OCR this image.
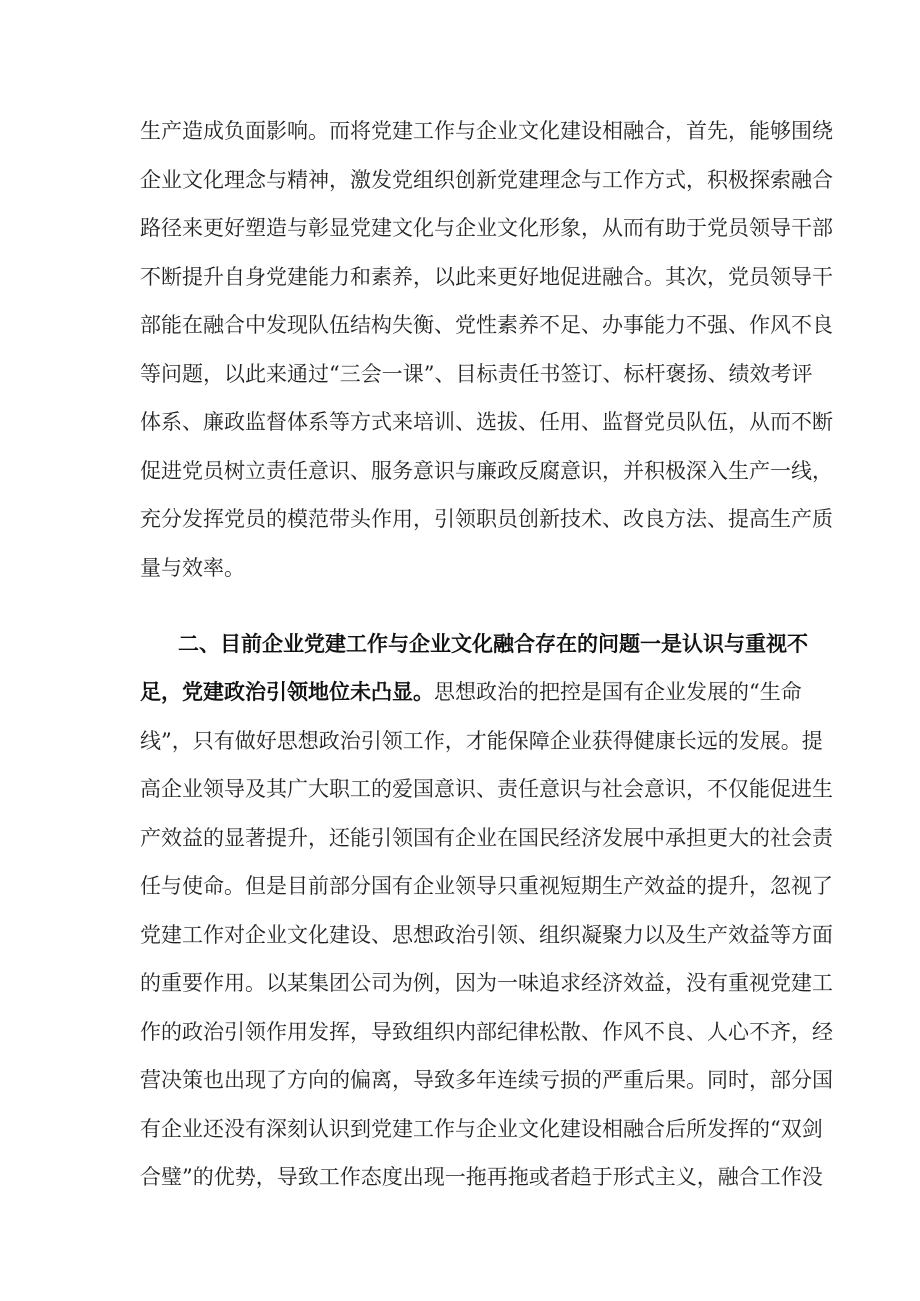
生产造成负面影响。而将党建工作与企业文化建设相融合，首先，能够围绕

企业文化理念与精神，激发党组织创新党建理念与工作方式，积极探索融合

路径来更好塑造与彰显党建文化与企业文化形象，从而有助于党员领导干部

不断提升自身党建能力和素养，以此来更好地促进融合。其次，党员领导干

部能在融合中发现队伍结构失衡、党性素养不足、办事能力不强、作风不良

等问题，以此来通过“三会一课”、目标责任书签订、标杆褒扬、绩效考评

体系、廉政监督体系等方式来培训、选拔、任用、监督党员队伍，从而不断

促进党员树立责任意识、服务意识与廉政反腐意识，并积极深入生产一线，

充分发挥党员的模范带头作用，引领职员创新技术、改良方法、提高生产质

量与效率。

二、目前企业党建工作与企业文化融合存在的问题一是认识与重视不

足，党建政治引领地位未凸显。思想政治的把控是国有企业发展的“生命

线”，只有做好思想政治引领工作，才能保障企业获得健康长远的发展。提

高企业领导及其广大职工的爱国意识、责任意识与社会意识，不仅能促进生

产效益的显著提升，还能引领国有企业在国民经济发展中承担更大的社会责

任与使命。但是目前部分国有企业领导只重视短期生产效益的提升，忽视了

党建工作对企业文化建设、思想政治引领、组织凝聚力以及生产效益等方面

的重要作用。以某集团公司为例，因为一味追求经济效益，没有重视党建工

作的政治引领作用发挥，导致组织内部纪律松散、作风不良、人心不齐，经

营决策也出现了方向的偏离，导致多年连续亏损的严重后果。同时，部分国

有企业还没有深刻认识到党建工作与企业文化建设相融合后所发挥的“双剑

合璧”的优势，导致工作态度出现一拖再拖或者趋于形式主义，融合工作没
